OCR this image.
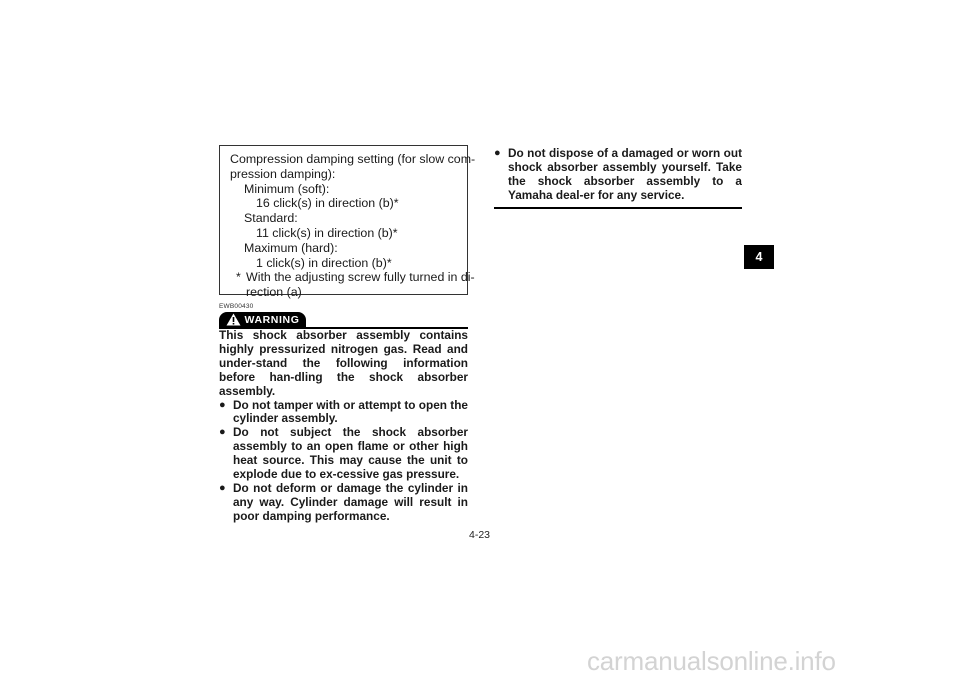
Compression damping setting (for slow com-
pression damping):
Minimum (soft):
16 click(s) in direction (b)*
Standard:
11 click(s) in direction (b)*
Maximum (hard):
1 click(s) in direction (b)*
* With the adjusting screw fully turned in di-
rection (a)
EWB00430
WARNING

This shock absorber assembly contains highly pressurized nitrogen gas. Read and under-stand the following information before han-dling the shock absorber assembly.

● Do not tamper with or attempt to open the cylinder assembly.

● Do not subject the shock absorber assembly to an open flame or other high heat source. This may cause the unit to explode due to ex-cessive gas pressure.

● Do not deform or damage the cylinder in any way. Cylinder damage will result in poor damping performance.

● Do not dispose of a damaged or worn out shock absorber assembly yourself. Take the shock absorber assembly to a Yamaha deal-er for any service.

4-23
4
carmanualsonline.info
